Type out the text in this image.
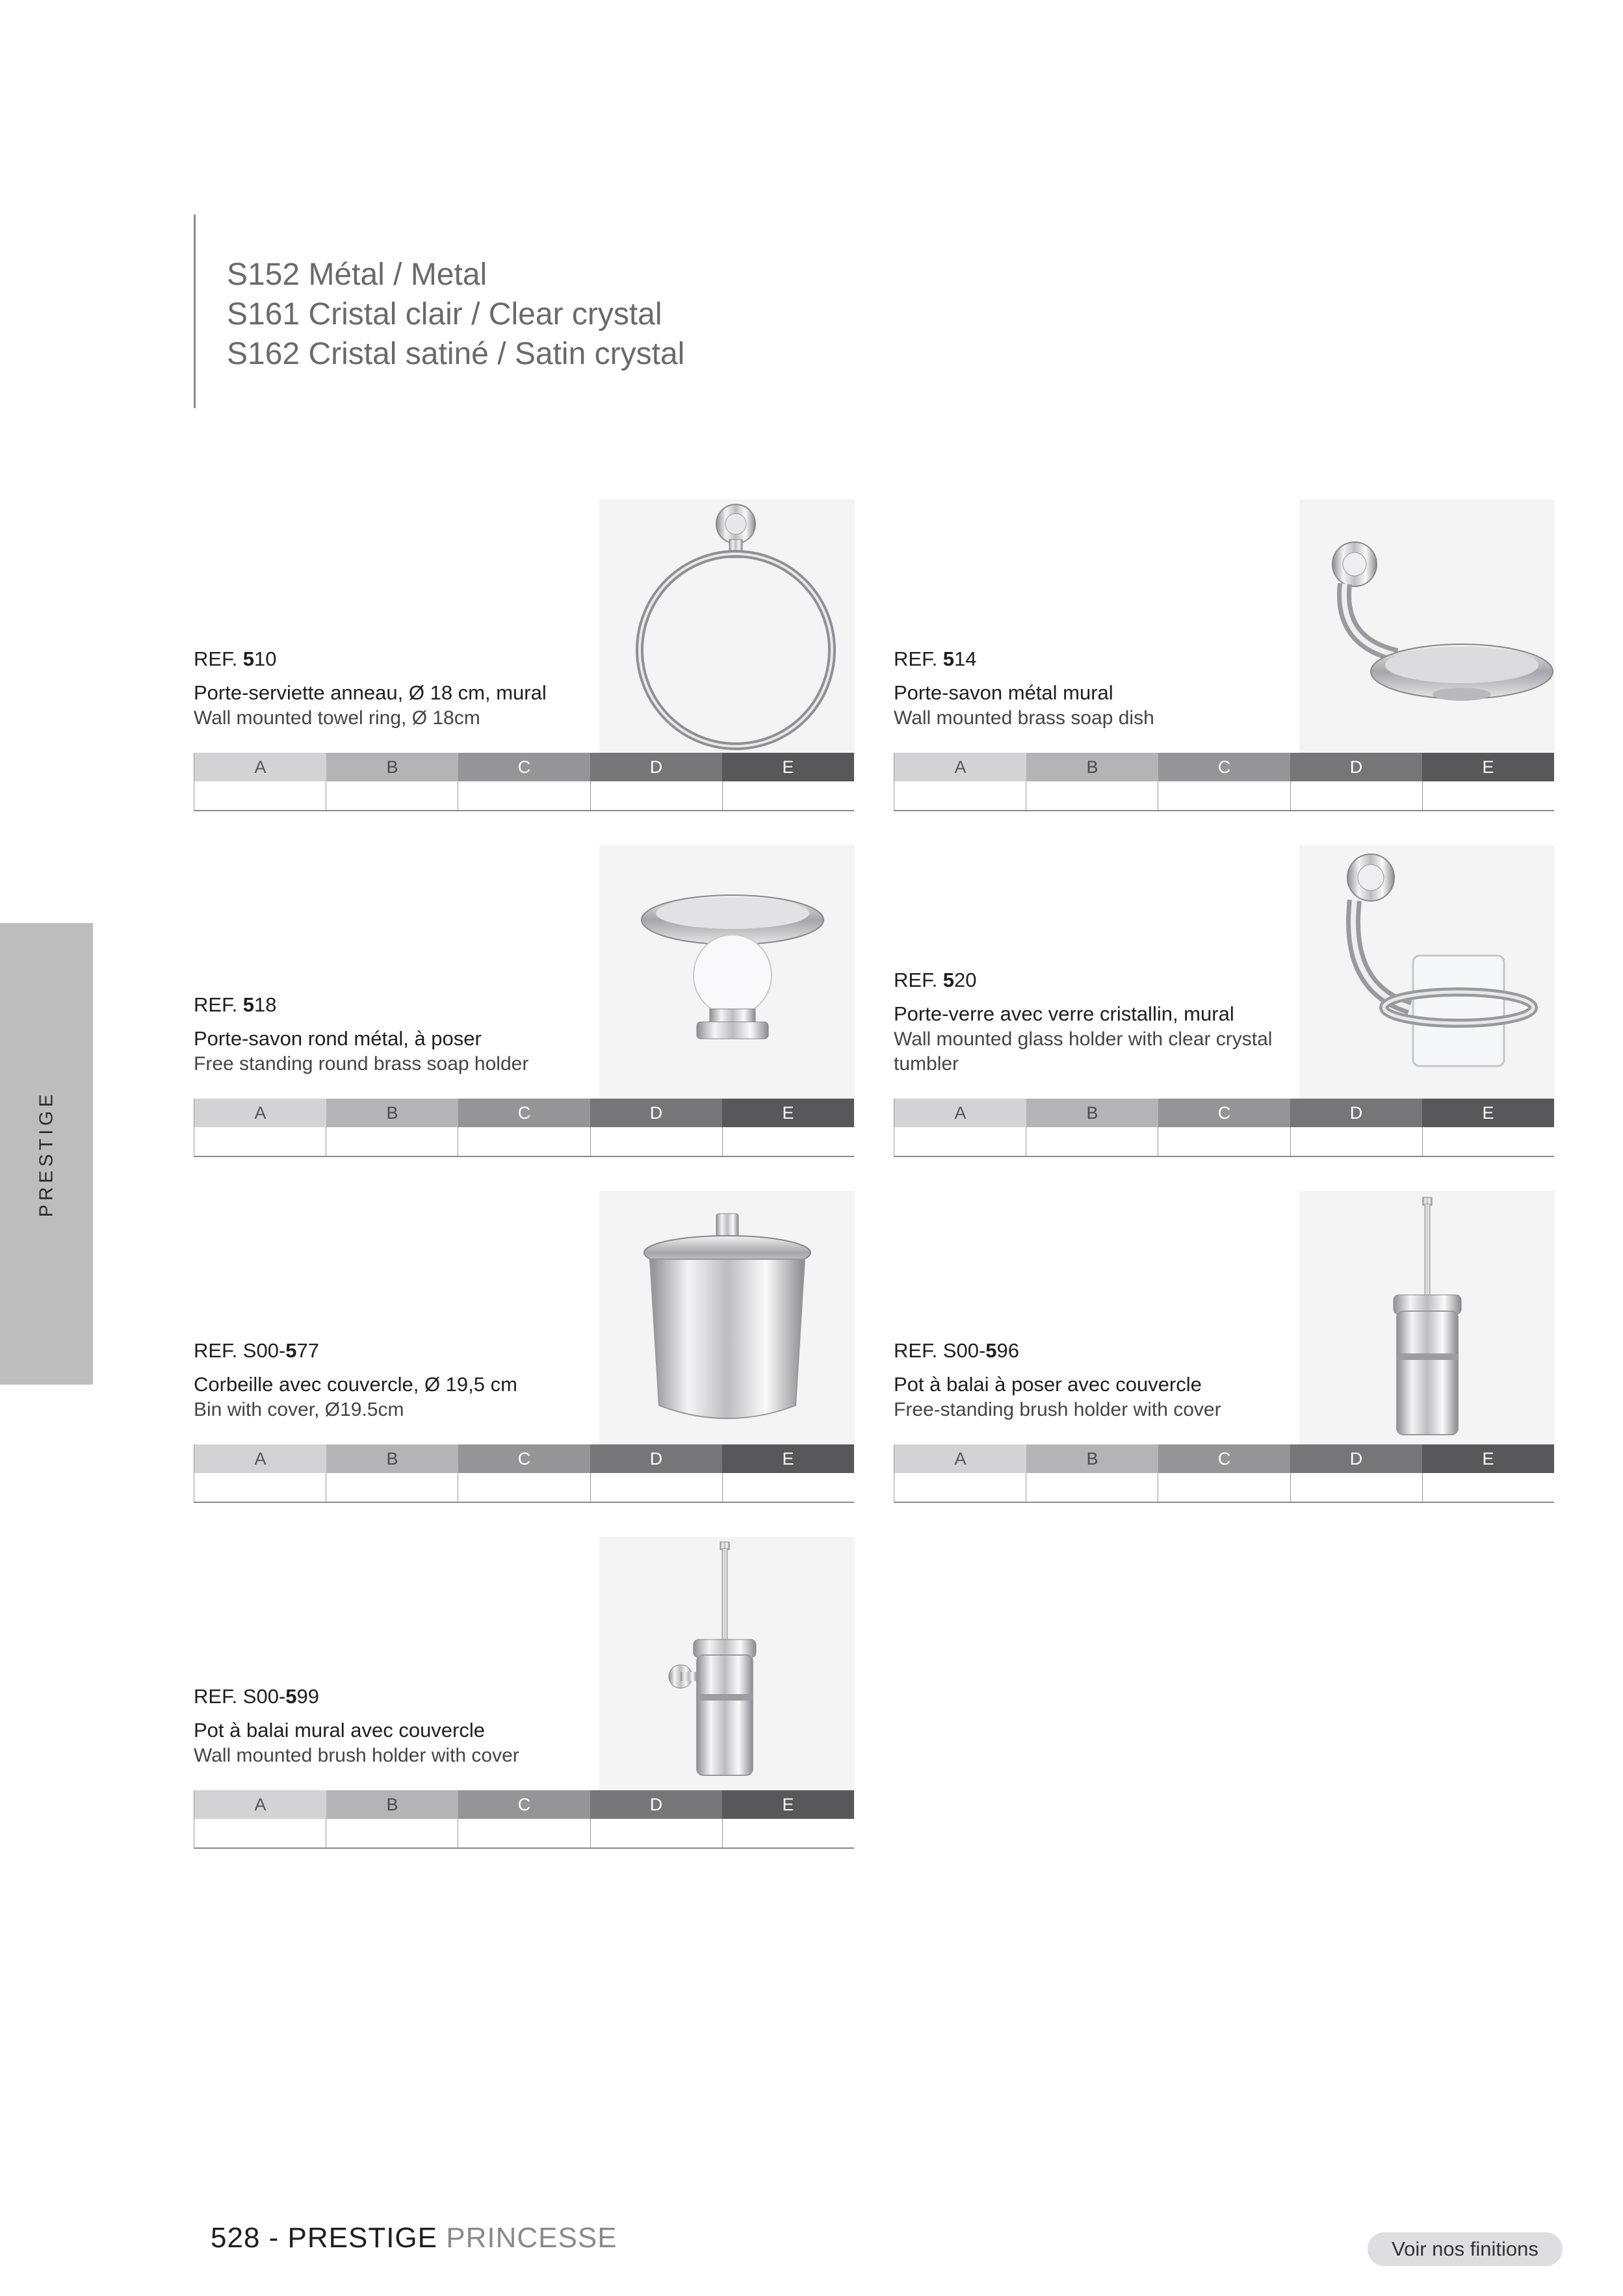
S152 Métal / Metal
S161 Cristal clair / Clear crystal
S162 Cristal satiné / Satin crystal
PRESTIGE
REF. 510
Porte-serviette anneau, Ø 18 cm, mural
Wall mounted towel ring, Ø 18cm
A	B	C	D	E
REF. 514
Porte-savon métal mural
Wall mounted brass soap dish
A	B	C	D	E
REF. 518
Porte-savon rond métal, à poser
Free standing round brass soap holder
A	B	C	D	E
REF. 520
Porte-verre avec verre cristallin, mural
Wall mounted glass holder with clear crystal tumbler
A	B	C	D	E
REF. S00-577
Corbeille avec couvercle, Ø 19,5 cm
Bin with cover, Ø19.5cm
A	B	C	D	E
REF. S00-596
Pot à balai à poser avec couvercle
Free-standing brush holder with cover
A	B	C	D	E
REF. S00-599
Pot à balai mural avec couvercle
Wall mounted brush holder with cover
A	B	C	D	E
528 - PRESTIGE PRINCESSE	Voir nos finitions
